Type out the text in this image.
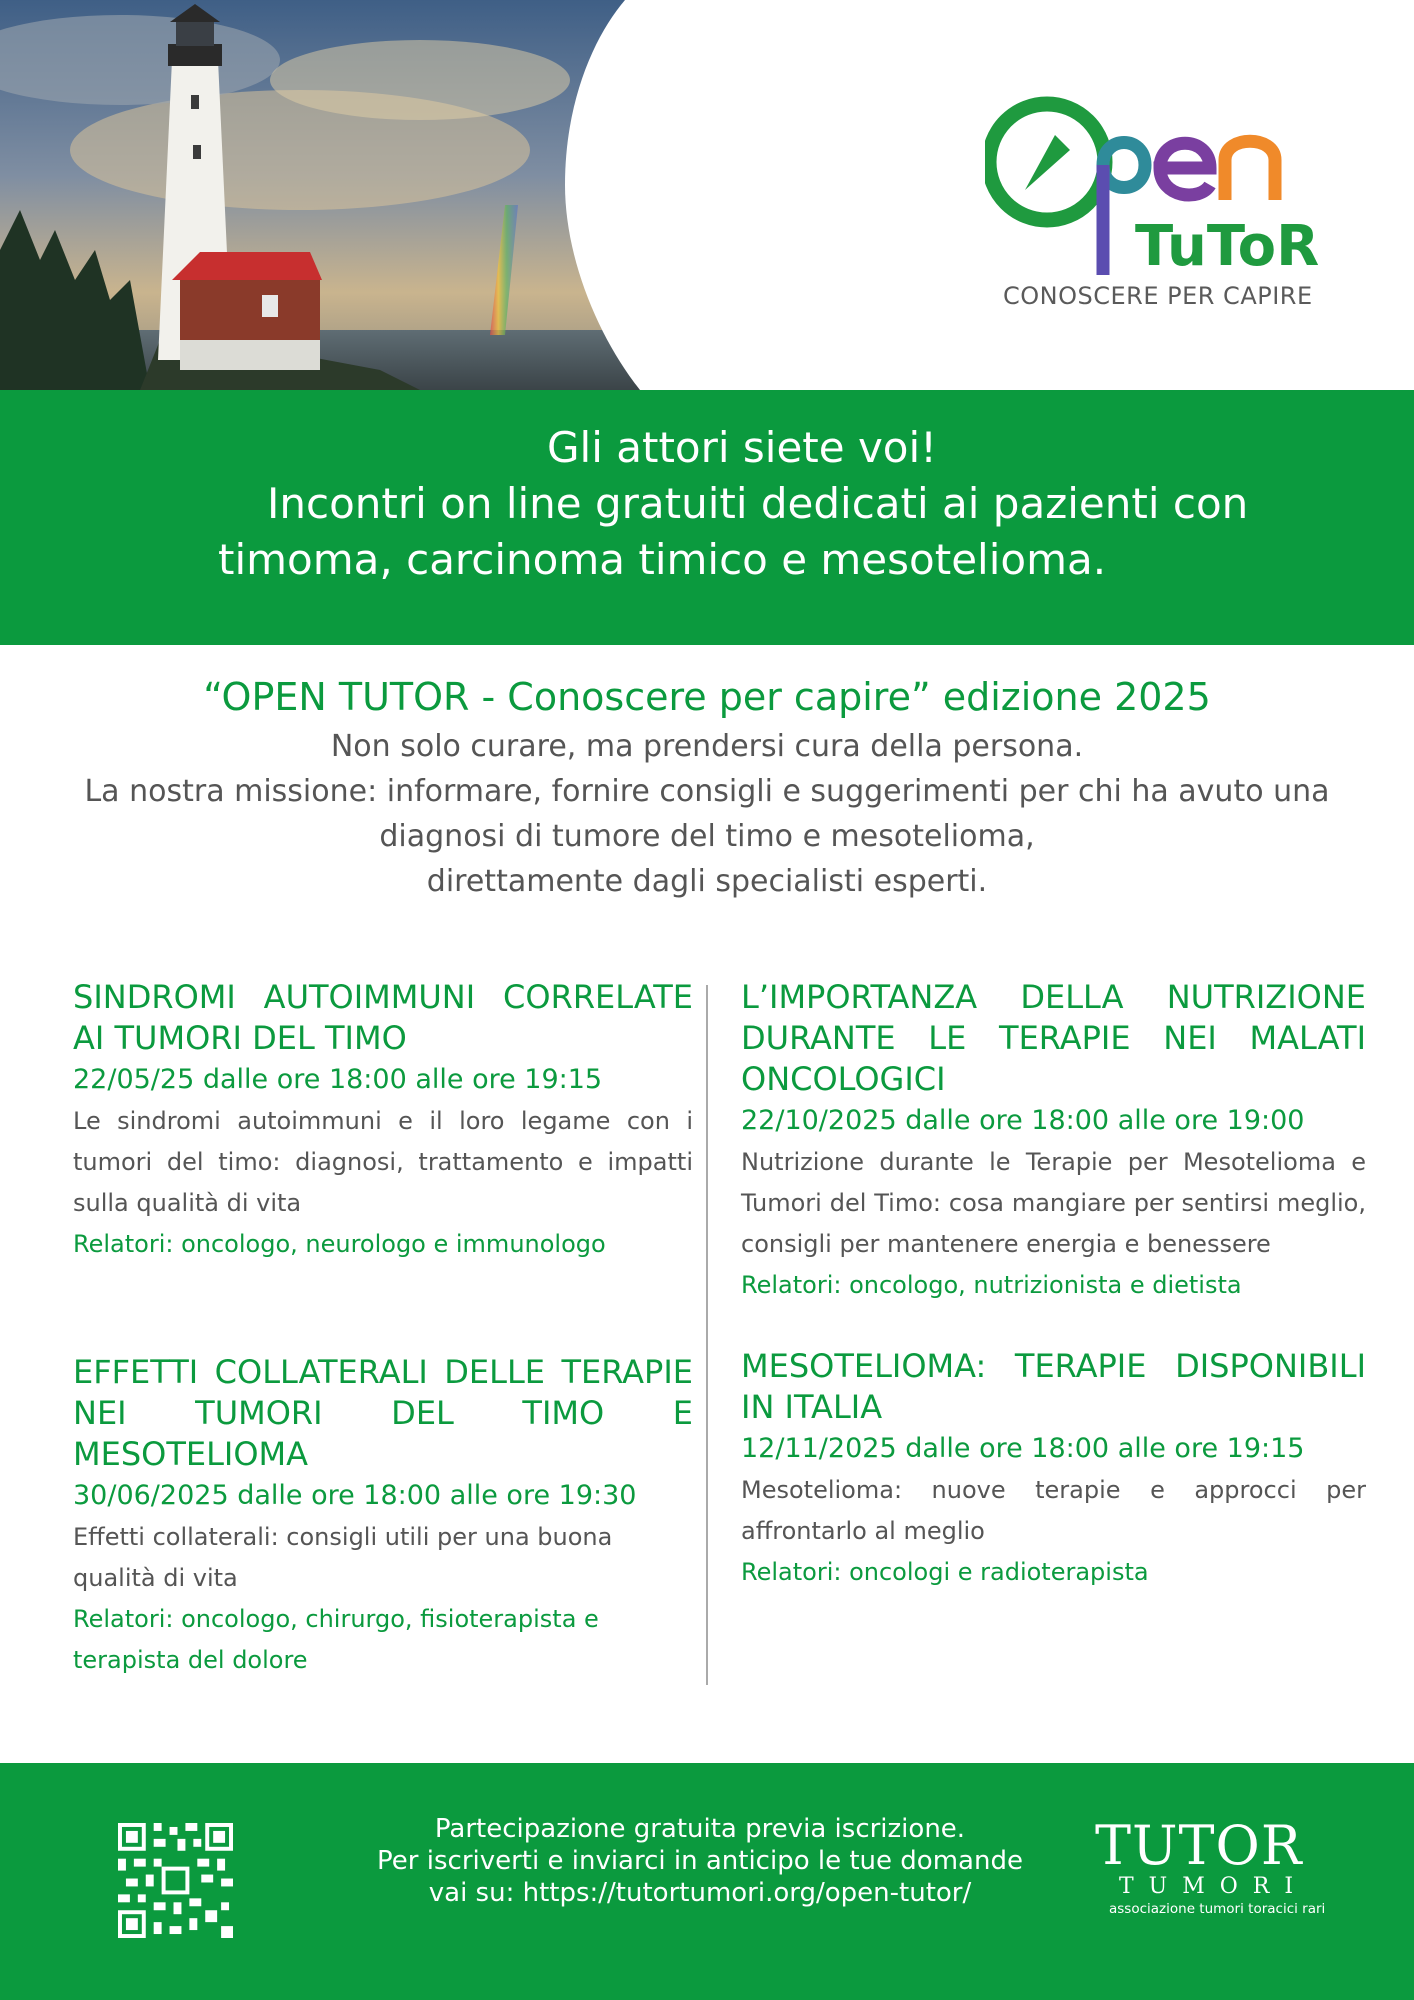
TuToR
CONOSCERE PER CAPIRE
Gli attori siete voi!
Incontri on line gratuiti dedicati ai pazienti con
timoma, carcinoma timico e mesotelioma.
“OPEN TUTOR - Conoscere per capire” edizione 2025
Non solo curare, ma prendersi cura della persona.
La nostra missione: informare, fornire consigli e suggerimenti per chi ha avuto una
diagnosi di tumore del timo e mesotelioma,
direttamente dagli specialisti esperti.
SINDROMI AUTOIMMUNI CORRELATE AI TUMORI DEL TIMO
22/05/25 dalle ore 18:00 alle ore 19:15
Le sindromi autoimmuni e il loro legame con i tumori del timo: diagnosi, trattamento e impatti sulla qualità di vita
Relatori: oncologo, neurologo e immunologo
L’IMPORTANZA DELLA NUTRIZIONE DURANTE LE TERAPIE NEI MALATI ONCOLOGICI
22/10/2025 dalle ore 18:00 alle ore 19:00
Nutrizione durante le Terapie per Mesotelioma e Tumori del Timo: cosa mangiare per sentirsi meglio, consigli per mantenere energia e benessere
Relatori: oncologo, nutrizionista e dietista
EFFETTI COLLATERALI DELLE TERAPIE NEI TUMORI DEL TIMO E MESOTELIOMA
30/06/2025 dalle ore 18:00 alle ore 19:30
Effetti collaterali: consigli utili per una buona qualità di vita
Relatori: oncologo, chirurgo, fisioterapista e terapista del dolore
MESOTELIOMA: TERAPIE DISPONIBILI IN ITALIA
12/11/2025 dalle ore 18:00 alle ore 19:15
Mesotelioma: nuove terapie e approcci per affrontarlo al meglio
Relatori: oncologi e radioterapista
Partecipazione gratuita previa iscrizione.
Per iscriverti e inviarci in anticipo le tue domande
vai su: https://tutortumori.org/open-tutor/
TUTOR
TUMORI
associazione tumori toracici rari
